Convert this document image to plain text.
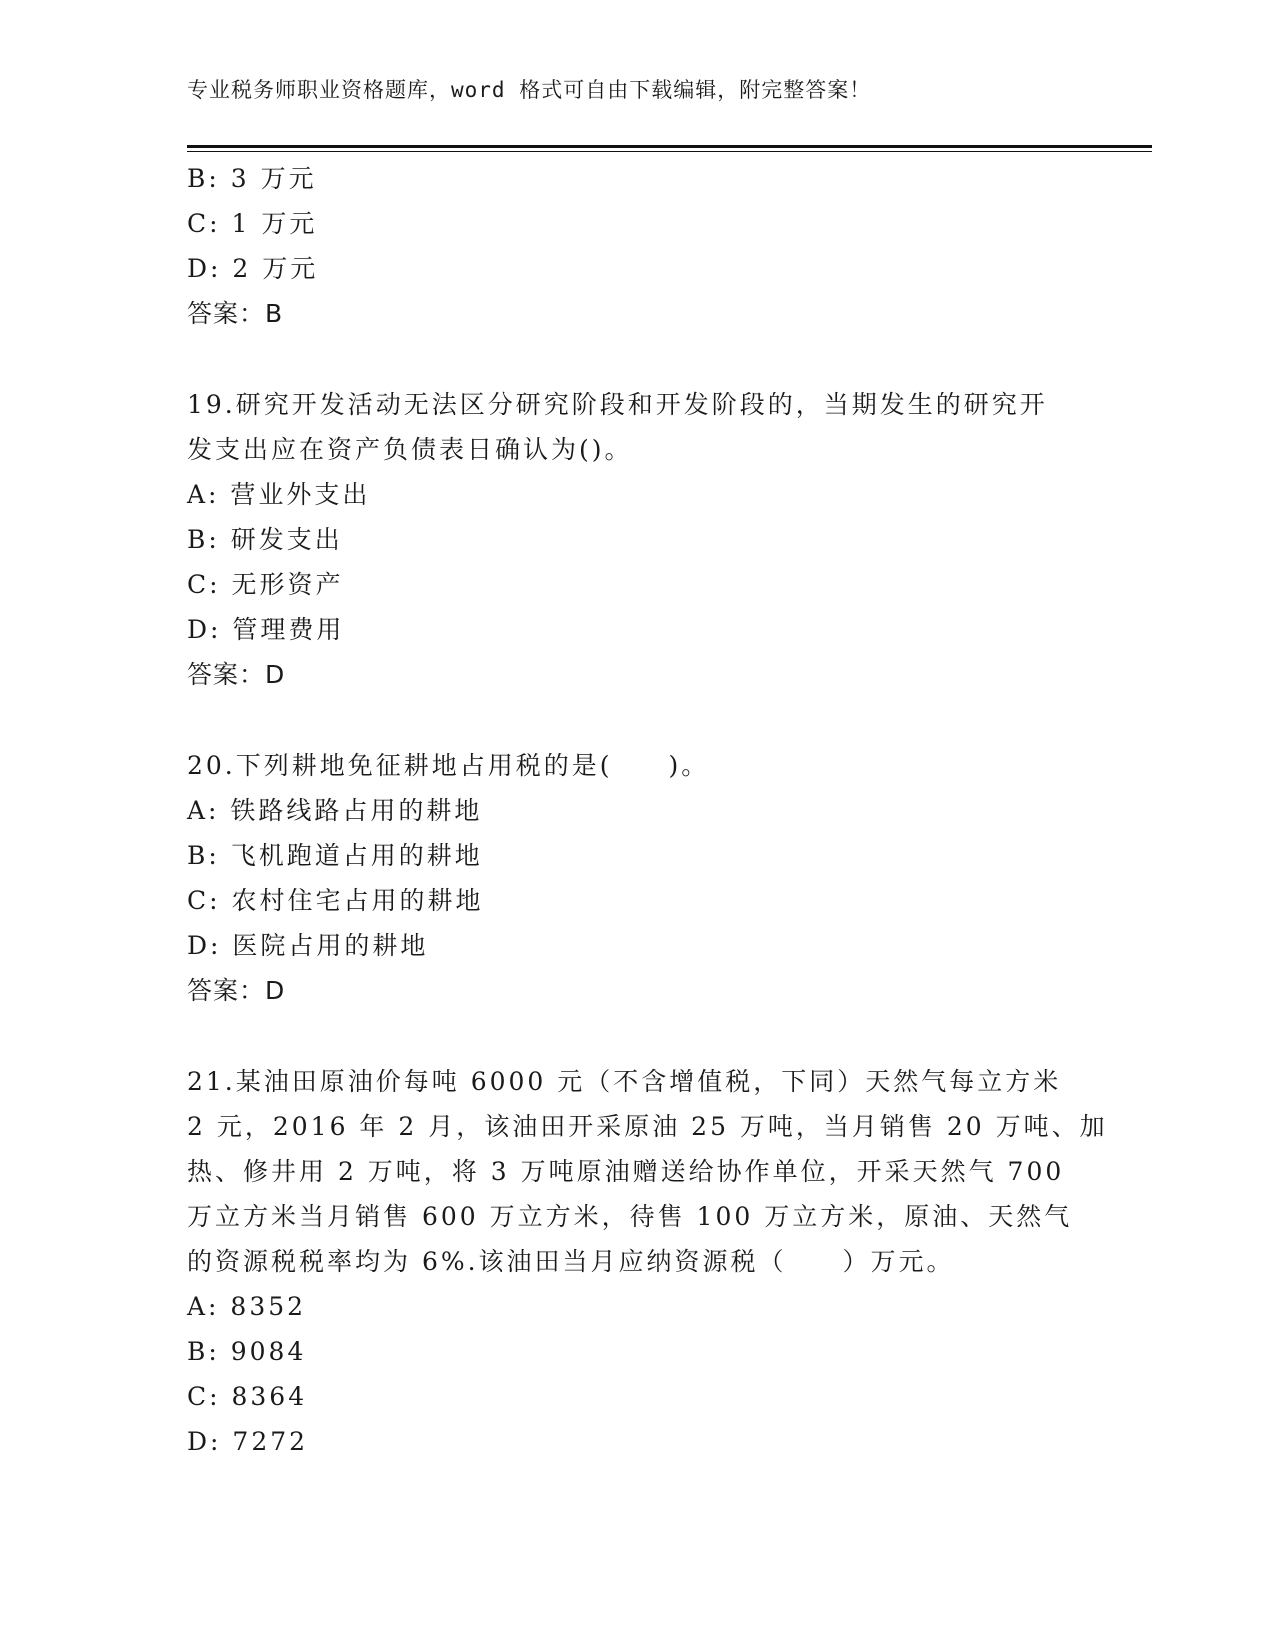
专业税务师职业资格题库，word 格式可自由下载编辑，附完整答案！
B: 3 万元
C: 1 万元
D: 2 万元
答案：B
19.研究开发活动无法区分研究阶段和开发阶段的，当期发生的研究开
发支出应在资产负债表日确认为()。
A: 营业外支出
B: 研发支出
C: 无形资产
D: 管理费用
答案：D
20.下列耕地免征耕地占用税的是(　　)。
A: 铁路线路占用的耕地
B: 飞机跑道占用的耕地
C: 农村住宅占用的耕地
D: 医院占用的耕地
答案：D
21.某油田原油价每吨 6000 元（不含增值税，下同）天然气每立方米
2 元，2016 年 2 月，该油田开采原油 25 万吨，当月销售 20 万吨、加
热、修井用 2 万吨，将 3 万吨原油赠送给协作单位，开采天然气 700
万立方米当月销售 600 万立方米，待售 100 万立方米，原油、天然气
的资源税税率均为 6%.该油田当月应纳资源税（　　）万元。
A: 8352
B: 9084
C: 8364
D: 7272
